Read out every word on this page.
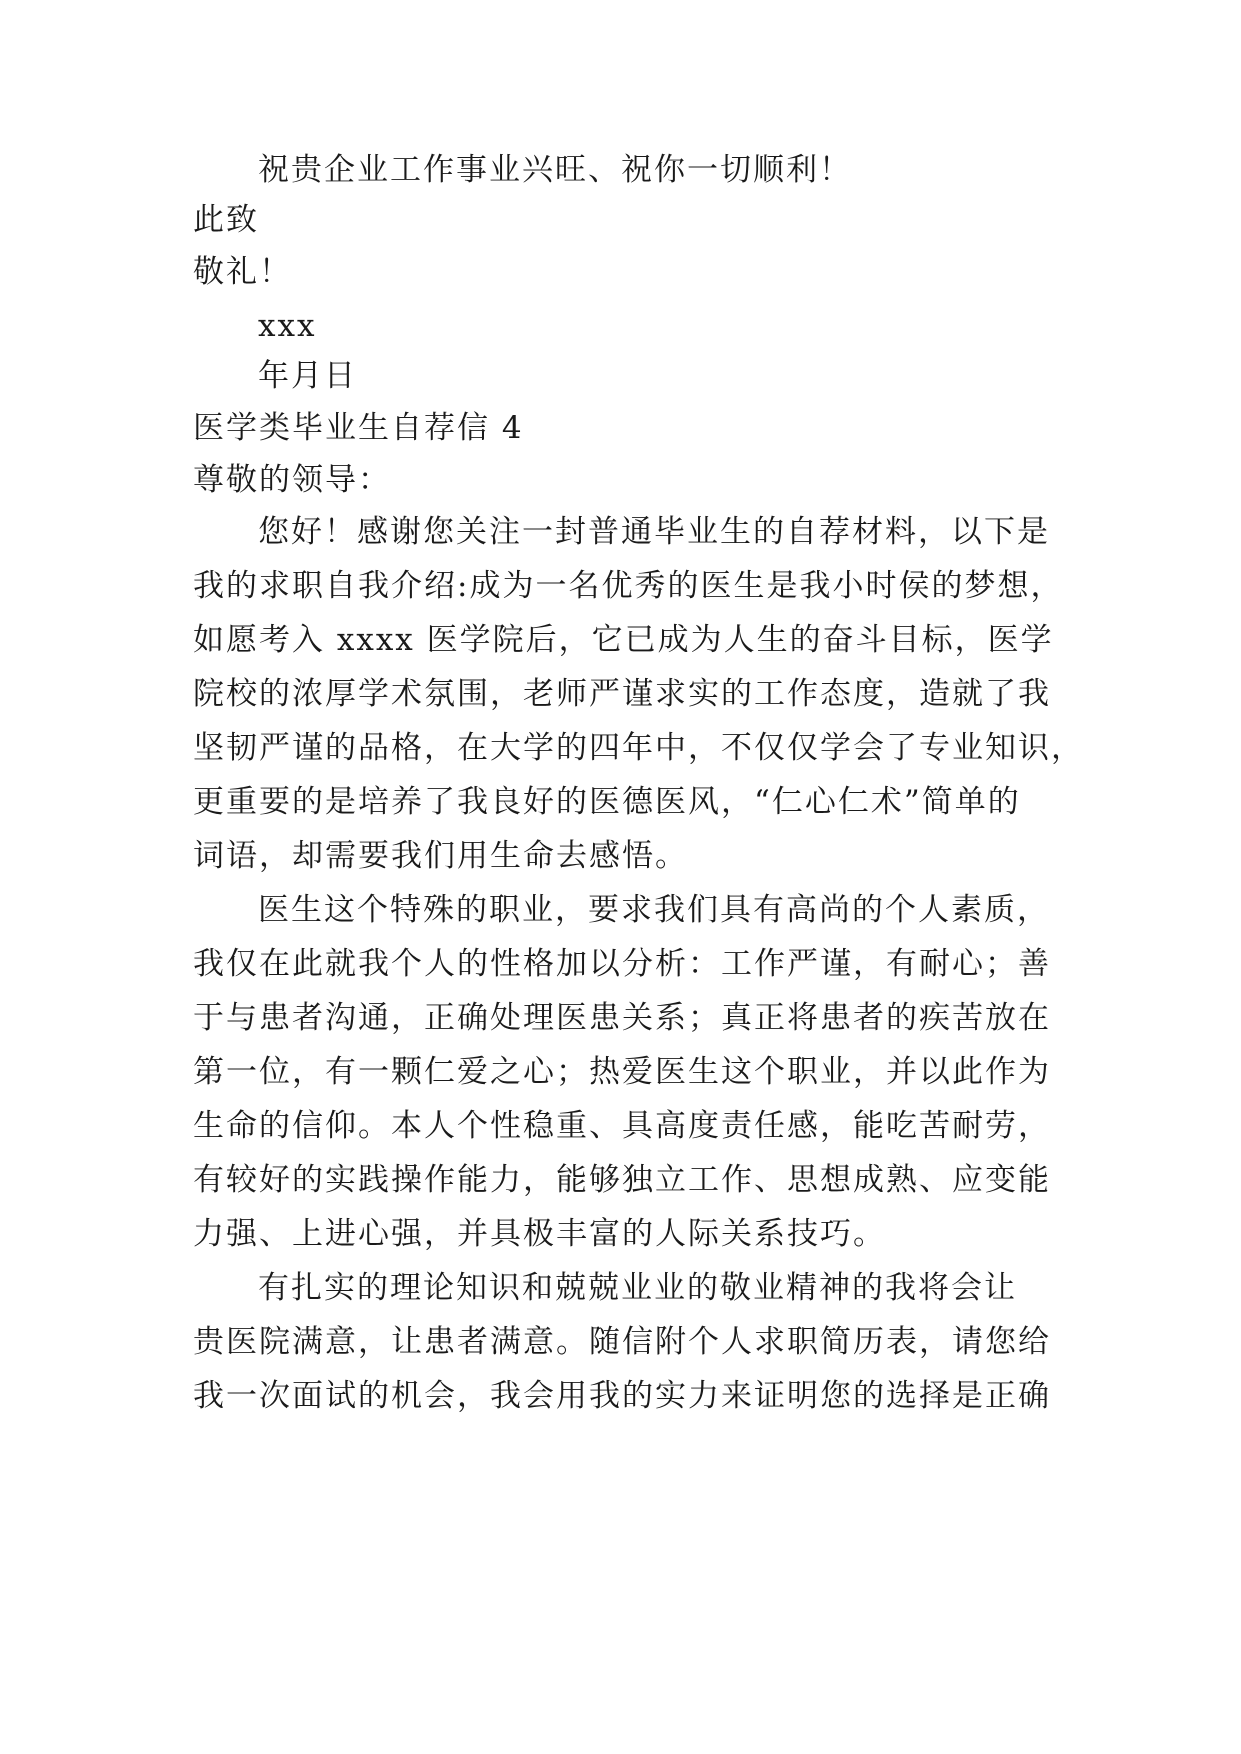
祝贵企业工作事业兴旺、祝你一切顺利！
此致
敬礼！
xxx
年月日
医学类毕业生自荐信 4
尊敬的领导：
您好！感谢您关注一封普通毕业生的自荐材料，以下是
我的求职自我介绍:成为一名优秀的医生是我小时侯的梦想，
如愿考入 xxxx 医学院后，它已成为人生的奋斗目标，医学
院校的浓厚学术氛围，老师严谨求实的工作态度，造就了我
坚韧严谨的品格，在大学的四年中，不仅仅学会了专业知识，
更重要的是培养了我良好的医德医风，“仁心仁术”简单的
词语，却需要我们用生命去感悟。
医生这个特殊的职业，要求我们具有高尚的个人素质，
我仅在此就我个人的性格加以分析：工作严谨，有耐心；善
于与患者沟通，正确处理医患关系；真正将患者的疾苦放在
第一位，有一颗仁爱之心；热爱医生这个职业，并以此作为
生命的信仰。本人个性稳重、具高度责任感，能吃苦耐劳，
有较好的实践操作能力，能够独立工作、思想成熟、应变能
力强、上进心强，并具极丰富的人际关系技巧。
有扎实的理论知识和兢兢业业的敬业精神的我将会让
贵医院满意，让患者满意。随信附个人求职简历表，请您给
我一次面试的机会，我会用我的实力来证明您的选择是正确
